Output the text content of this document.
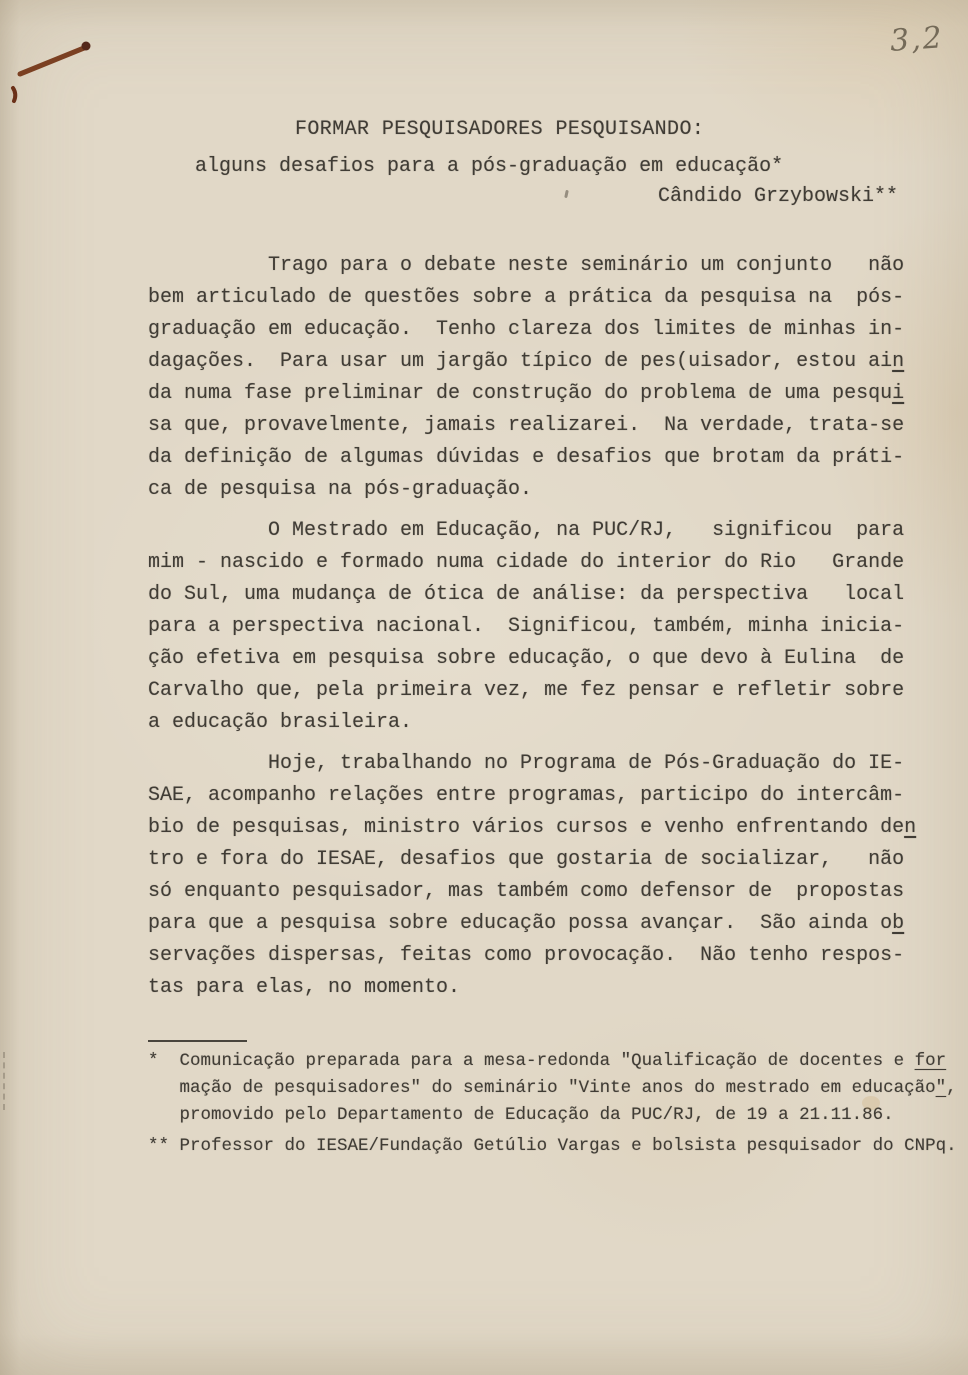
3,2
FORMAR PESQUISADORES PESQUISANDO:
alguns desafios para a pós-graduação em educação*
Cândido Grzybowski**
Trago para o debate neste seminário um conjunto   não
bem articulado de questões sobre a prática da pesquisa na  pós-
graduação em educação.  Tenho clareza dos limites de minhas in-
dagações.  Para usar um jargão típico de pes(uisador, estou ain
da numa fase preliminar de construção do problema de uma pesqui
sa que, provavelmente, jamais realizarei.  Na verdade, trata-se
da definição de algumas dúvidas e desafios que brotam da práti-
ca de pesquisa na pós-graduação.
O Mestrado em Educação, na PUC/RJ,   significou  para
mim - nascido e formado numa cidade do interior do Rio   Grande
do Sul, uma mudança de ótica de análise: da perspectiva   local
para a perspectiva nacional.  Significou, também, minha inicia-
ção efetiva em pesquisa sobre educação, o que devo à Eulina  de
Carvalho que, pela primeira vez, me fez pensar e refletir sobre
a educação brasileira.
Hoje, trabalhando no Programa de Pós-Graduação do IE-
SAE, acompanho relações entre programas, participo do intercâm-
bio de pesquisas, ministro vários cursos e venho enfrentando den
tro e fora do IESAE, desafios que gostaria de socializar,   não
só enquanto pesquisador, mas também como defensor de  propostas
para que a pesquisa sobre educação possa avançar.  São ainda ob
servações dispersas, feitas como provocação.  Não tenho respos-
tas para elas, no momento.
*  Comunicação preparada para a mesa-redonda "Qualificação de docentes e for
mação de pesquisadores" do seminário "Vinte anos do mestrado em educação",
promovido pelo Departamento de Educação da PUC/RJ, de 19 a 21.11.86.
** Professor do IESAE/Fundação Getúlio Vargas e bolsista pesquisador do CNPq.
